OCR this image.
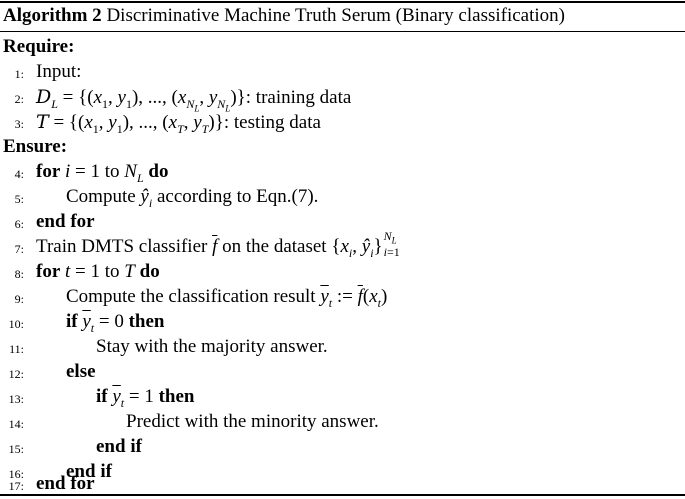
Algorithm 2 Discriminative Machine Truth Serum (Binary classification)
Require:
1: Input:
2: $D_L = \{(x_1$, $y_1$), ..., ($x_{N_L}$, $y_{N_L}$)}: training data
3: $T = \{(x_1$, $y_1$), ..., ($x_T$, $y_T$)}: testing data
Ensure:
4: for i = 1 to $N_L$ do
5: Compute $ŷ_i$ according to Eqn.(7).
6: end for
7: Train DMTS classifier $\overline{f}$ on the dataset {$x_i$, $ŷ_i$} $N_L$
i=1
8: for t = 1 to T do
9: Compute the classification result $\overline{y}_t$ := $\overline{f}(x_t)$
10: if $\overline{y}_t = 0$ then
11:	Stay with the majority answer.
12: else
13:	if $\overline{y}_t = 1$ then
14:	Predict with the minority answer.
15:	end if
16: end if
17: end for
